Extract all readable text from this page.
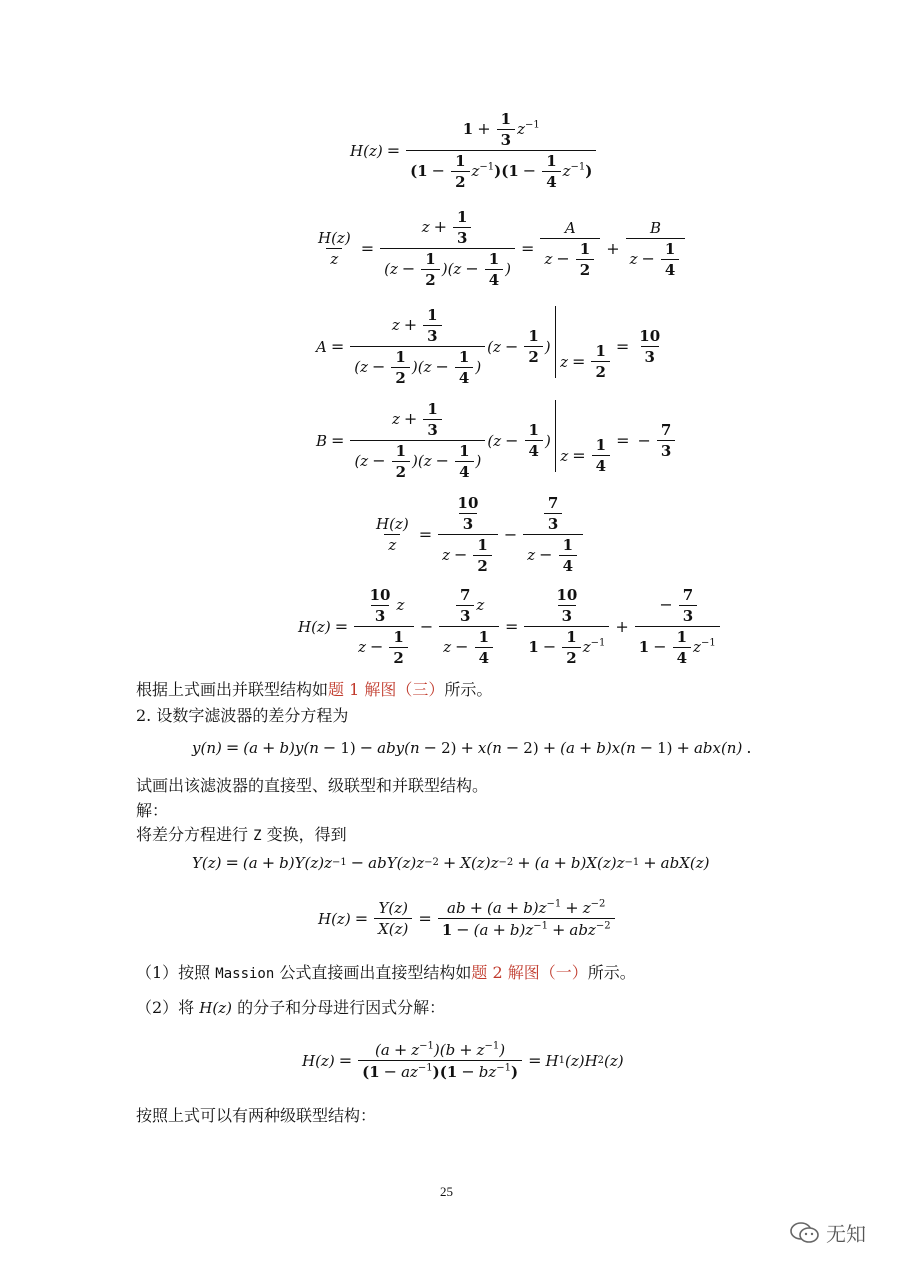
H $(z) = \frac{1 + \frac{1}{3} z^{-1}}{(1 - \frac{1}{2} z^{-1})(1 - \frac{1}{4} z^{-1})}$
$\frac{H(z)}{z} = \frac{z + \frac{1}{3}}{(z - \frac{1}{2} )(z - \frac{1}{4} )} = \frac{A}{z - \frac{1}{2}} + \frac{B}{z - \frac{1}{4}}$
$A = \frac{z + \frac{1}{3}}{(z - \frac{1}{2} )(z - \frac{1}{4} )} (z - \frac{1}{2}$ )
$z = \frac{1}{2} = \frac{10}{3}$
$B = \frac{z + \frac{1}{3}}{(z - \frac{1}{2} )(z - \frac{1}{4} )} (z - \frac{1}{4}$ )
$z = \frac{1}{4}$ = − $\frac{7}{3}$
$\frac{H(z)}{z} = \frac{\frac{10}{3}}{z - \frac{1}{2}} - \frac{\frac{7}{3}}{z - \frac{1}{4}}$
$H(z) = \frac{\frac{10}{3} z}{z - \frac{1}{2}} - \frac{\frac{7}{3} z}{z - \frac{1}{4}} = \frac{\frac{10}{3}}{1 - \frac{1}{2} z^{-1}} + \frac{- \frac{7}{3}}{1 - \frac{1}{4} z^{-1}}$
根据上式画出并联型结构如题 1 解图（三）所示。
2. 设数字滤波器的差分方程为
y(n) = (a + b)y(n − 1) − aby(n − 2) + x(n − 2) + (a + b)x(n − 1) + abx(n) .
试画出该滤波器的直接型、级联型和并联型结构。
解：
将差分方程进行 Z 变换，得到
Y(z) = (a + b)Y(z)z −1 − abY(z)z −2 + X(z)z −2 + (a + b)X(z)z −1 + abX(z)
$H(z) = \frac{Y(z)}{X(z)} = \frac{ab + (a + b)z^{-1} + z^{-2}}{1 - (a + b)z^{-1} + abz^{-2}}$
（1）按照 Massion 公式直接画出直接型结构如题 2 解图（一）所示。
（2）将 H(z) 的分子和分母进行因式分解：
$H(z) = \frac{(a + z^{-1})(b + z^{-1})}{(1 - az^{-1})(1 - bz^{-1})} = H$ 1 (z)H 2 (z)
按照上式可以有两种级联型结构：
25
无知
